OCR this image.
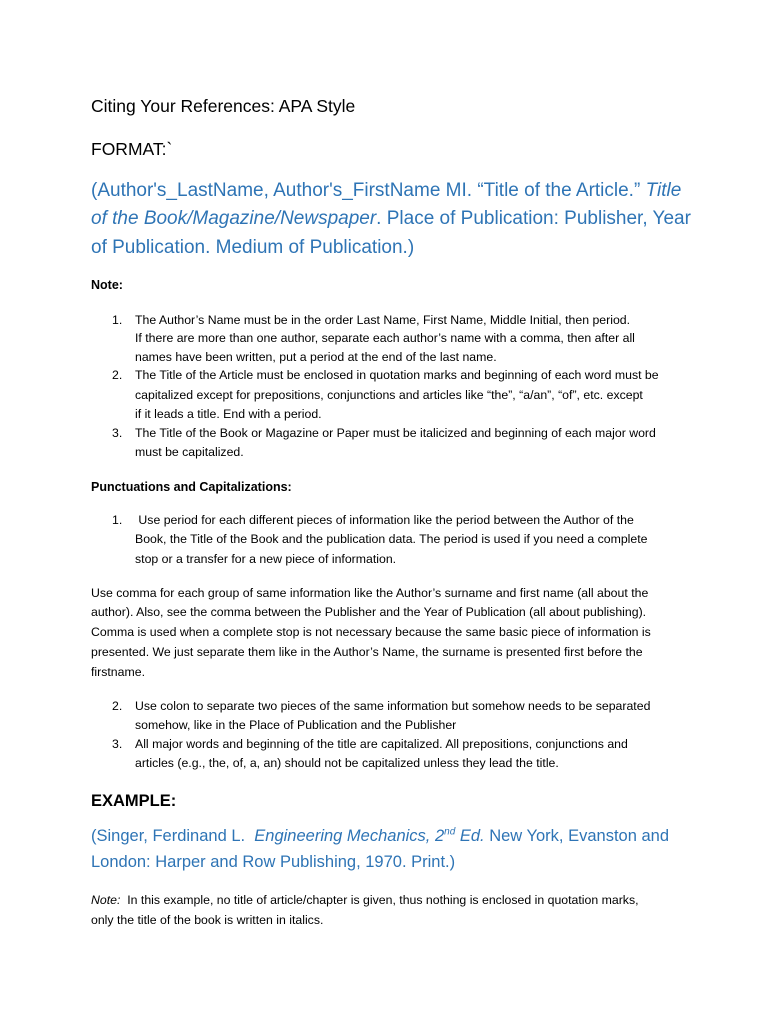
Citing Your References: APA Style
FORMAT:`
(Author's_LastName, Author's_FirstName MI. “Title of the Article.” Title
of the Book/Magazine/Newspaper. Place of Publication: Publisher, Year
of Publication. Medium of Publication.)
Note:
1. The Author’s Name must be in the order Last Name, First Name, Middle Initial, then period.
If there are more than one author, separate each author’s name with a comma, then after all
names have been written, put a period at the end of the last name.
2. The Title of the Article must be enclosed in quotation marks and beginning of each word must be
capitalized except for prepositions, conjunctions and articles like “the”, “a/an”, “of”, etc. except
if it leads a title. End with a period.
3. The Title of the Book or Magazine or Paper must be italicized and beginning of each major word
must be capitalized.
Punctuations and Capitalizations:
1. Use period for each different pieces of information like the period between the Author of the
Book, the Title of the Book and the publication data. The period is used if you need a complete
stop or a transfer for a new piece of information.
Use comma for each group of same information like the Author’s surname and first name (all about the
author). Also, see the comma between the Publisher and the Year of Publication (all about publishing).
Comma is used when a complete stop is not necessary because the same basic piece of information is
presented. We just separate them like in the Author’s Name, the surname is presented first before the
firstname.
2. Use colon to separate two pieces of the same information but somehow needs to be separated
somehow, like in the Place of Publication and the Publisher
3. All major words and beginning of the title are capitalized. All prepositions, conjunctions and
articles (e.g., the, of, a, an) should not be capitalized unless they lead the title.
EXAMPLE:
(Singer, Ferdinand L.  Engineering Mechanics, 2nd Ed. New York, Evanston and
London: Harper and Row Publishing, 1970. Print.)
Note:  In this example, no title of article/chapter is given, thus nothing is enclosed in quotation marks,
only the title of the book is written in italics.
